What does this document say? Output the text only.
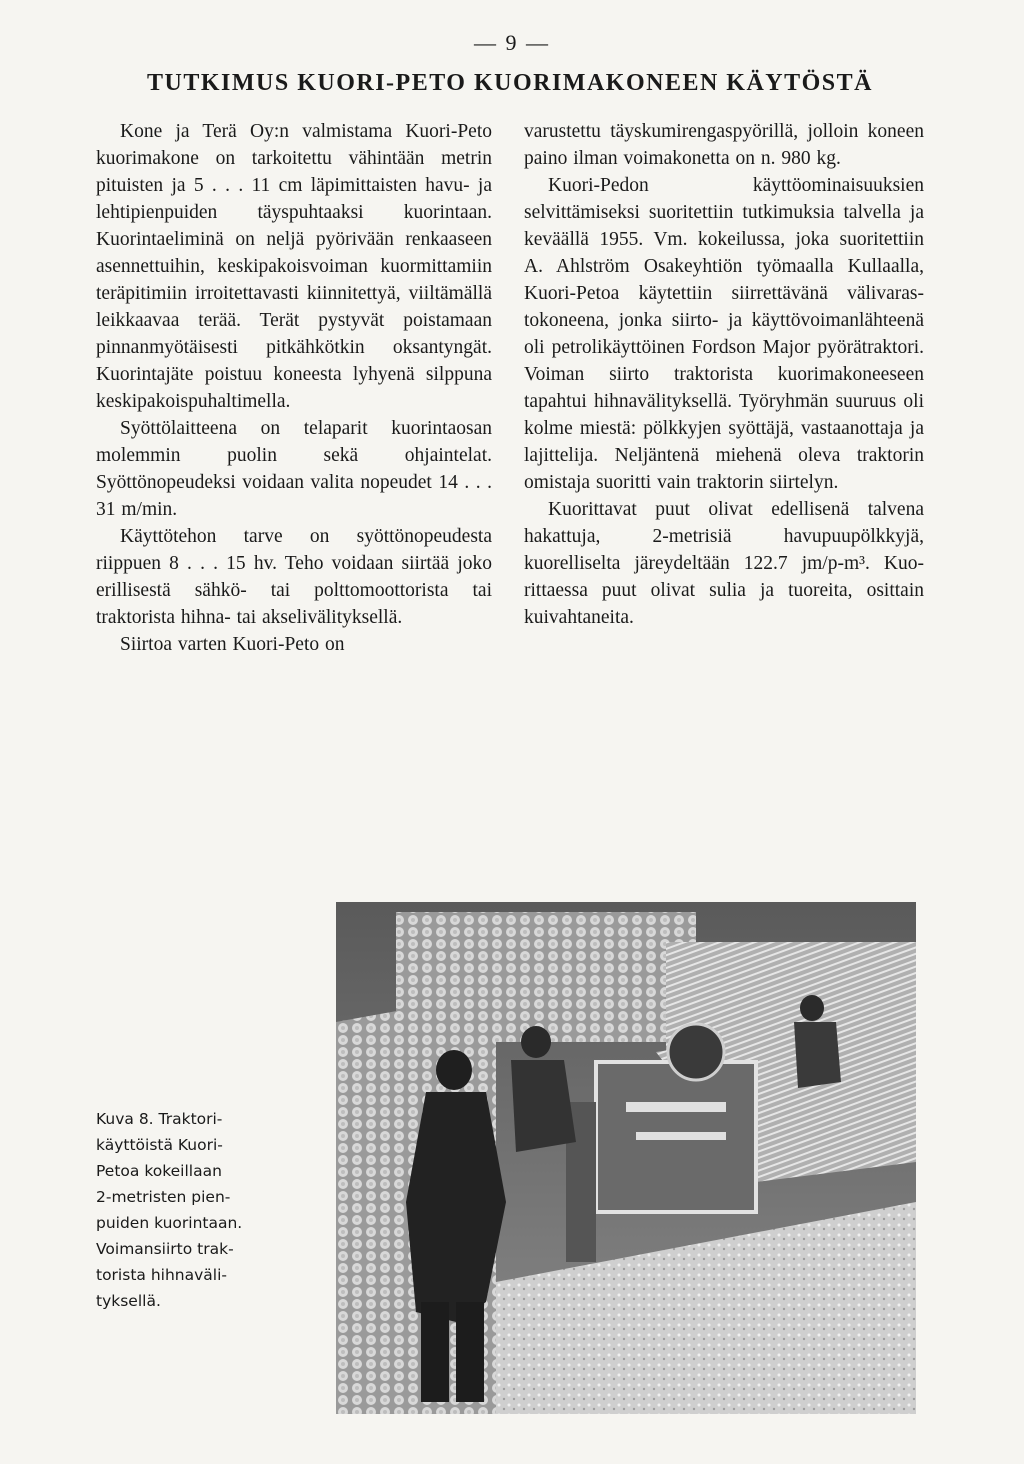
— 9 —
TUTKIMUS KUORI-PETO KUORIMAKONEEN KÄYTÖSTÄ

Kone ja Terä Oy:n valmistama Kuori-Peto kuorimakone on tarkoitettu vähintään metrin pituisten ja 5 . . . 11 cm läpimittaisten havu- ja lehtipienpuiden täyspuhtaaksi kuorintaan. Kuorintaeliminä on neljä pyörivään renkaaseen asennettuihin, keskipakoisvoiman kuormittamiin teräpitimiin irroitettavasti kiinnitettyä, viiltämällä leikkaavaa terää. Terät pystyvät poistamaan pinnanmyötäisesti pitkähkötkin oksantyngät. Kuorintajäte poistuu koneesta lyhyenä silppuna keskipakoispuhaltimella.

Syöttölaitteena on telaparit kuorintaosan molemmin puolin sekä ohjaintelat. Syöttönopeudeksi voidaan valita nopeudet 14 . . . 31 m/min.

Käyttötehon tarve on syöttönopeudesta riippuen 8 . . . 15 hv. Teho voidaan siirtää joko erillisestä sähkö- tai polttomoottorista tai traktorista hihna- tai akselivälityksellä.

Siirtoa varten Kuori-Peto on

varustettu täyskumirengaspyörillä, jolloin koneen paino ilman voimakonetta on n. 980 kg.

Kuori-Pedon käyttöominaisuuksien selvittämiseksi suoritettiin tutkimuksia talvella ja keväällä 1955. Vm. kokeilussa, joka suoritettiin A. Ahlström Osakeyhtiön työmaalla Kullaalla, Kuori-Petoa käytettiin siirrettävänä välivarastokoneena, jonka siirto- ja käyttövoimanlähteenä oli petrolikäyttöinen Fordson Major pyörätraktori. Voiman siirto traktorista kuorimakoneeseen tapahtui hihnavälityksellä. Työryhmän suuruus oli kolme miestä: pölkkyjen syöttäjä, vastaanottaja ja lajittelija. Neljäntenä miehenä oleva traktorin omistaja suoritti vain traktorin siirtelyn.

Kuorittavat puut olivat edellisenä talvena hakattuja, 2-metrisiä havupuupölkkyjä, kuorelliselta järeydeltään 122.7 jm/p-m³. Kuorittaessa puut olivat sulia ja tuoreita, osittain kuivahtaneita.

Kuva 8. Traktori-
käyttöistä Kuori-
Petoa kokeillaan
2-metristen pien-
puiden kuorintaan.
Voimansiirto trak-
torista hihnaväli-
tyksellä.
